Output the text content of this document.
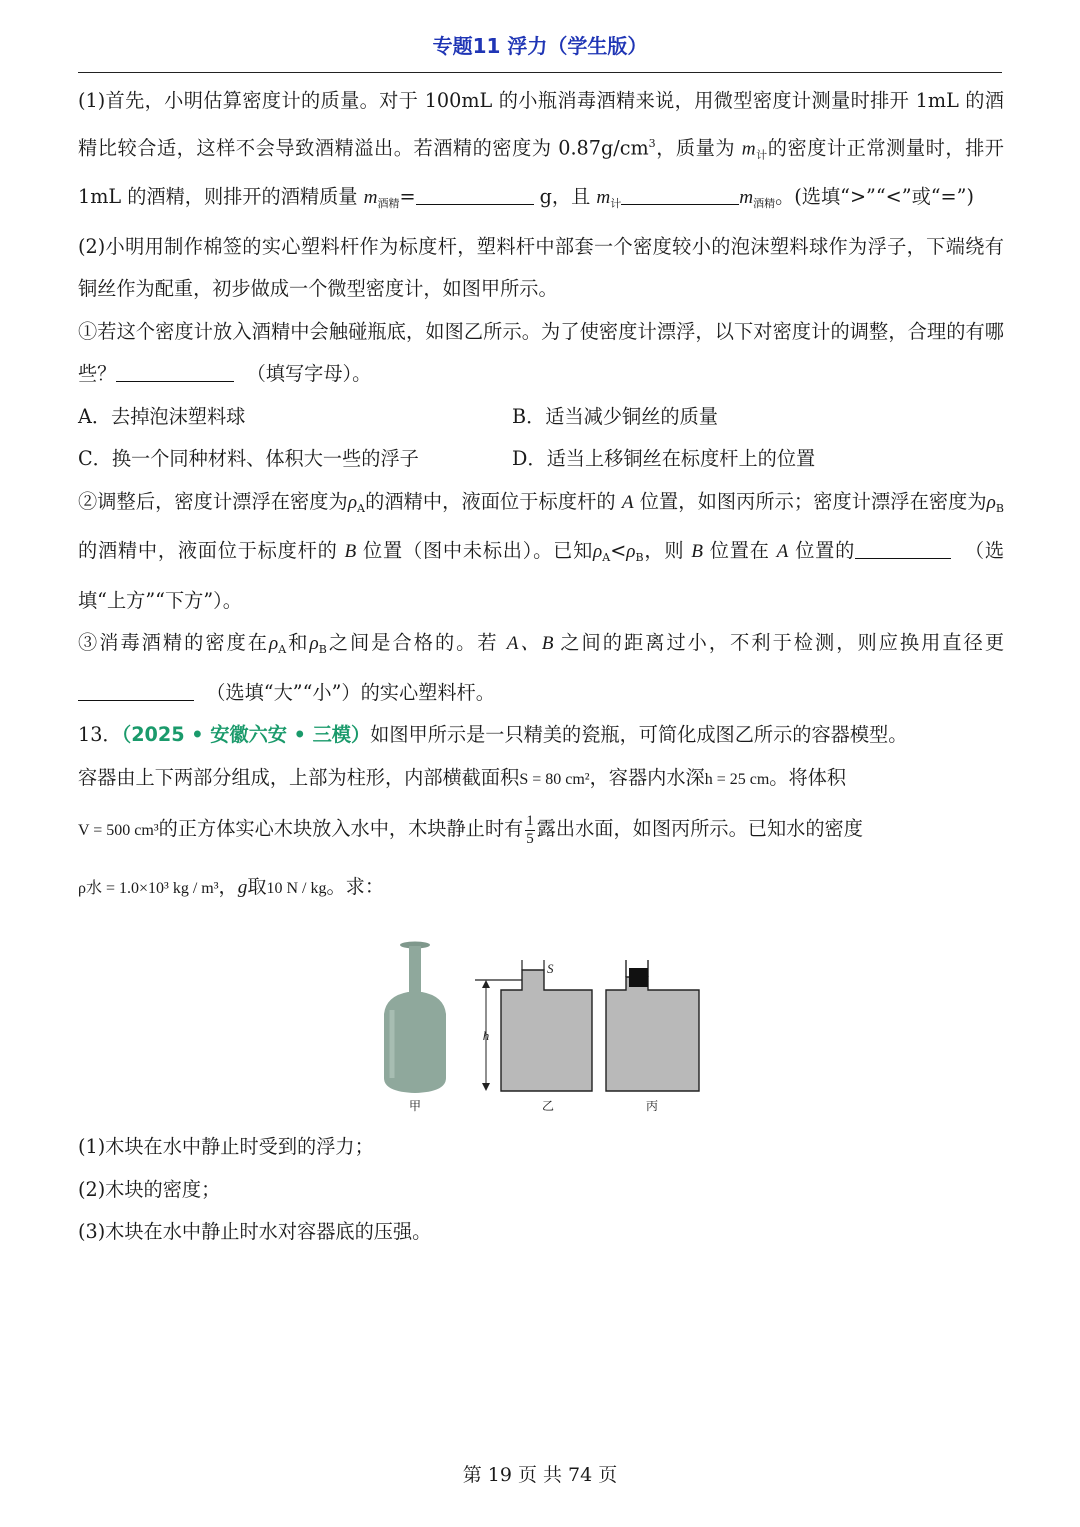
专题11 浮力（学生版）

(1)首先，小明估算密度计的质量。对于 100mL 的小瓶消毒酒精来说，用微型密度计测量时排开 1mL 的酒精比较合适，这样不会导致酒精溢出。若酒精的密度为 $0.87g/cm^3$，质量为 $m_计$的密度计正常测量时，排开 1mL 的酒精，则排开的酒精质量 $m_{酒精}=$	g，且 $m_计$	$m_{酒精}$。(选填“>”“<”或“=”)

(2)小明用制作棉签的实心塑料杆作为标度杆，塑料杆中部套一个密度较小的泡沫塑料球作为浮子，下端绕有铜丝作为配重，初步做成一个微型密度计，如图甲所示。

①若这个密度计放入酒精中会触碰瓶底，如图乙所示。为了使密度计漂浮，以下对密度计的调整，合理的有哪些？	（填写字母）。

A．去掉泡沫塑料球	B．适当减少铜丝的质量
C．换一个同种材料、体积大一些的浮子	D．适当上移铜丝在标度杆上的位置

②调整后，密度计漂浮在密度为$\rho_A$的酒精中，液面位于标度杆的 A 位置，如图丙所示；密度计漂浮在密度为$\rho_B$的酒精中，液面位于标度杆的 B 位置（图中未标出）。已知$\rho_A<\rho_B$，则 B 位置在 A 位置的	（选填“上方”“下方”）。

③消毒酒精的密度在$\rho_A$和$\rho_B$之间是合格的。若 A、B 之间的距离过小，不利于检测，则应换用直径更  （选填“大”“小”）的实心塑料杆。

13．（2025 • 安徽六安 • 三模）如图甲所示是一只精美的瓷瓶，可简化成图乙所示的容器模型。

容器由上下两部分组成，上部为柱形，内部横截面积S = 80 cm²，容器内水深h = 25 cm。将体积

V = 500 cm³的正方体实心木块放入水中，木块静止时有 $\frac{1}{5}$ 露出水面，如图丙所示。已知水的密度

ρ水 = 1.0×10³ kg / m³，g取10 N / kg。求：

甲
S
h
乙	丙
(1)木块在水中静止时受到的浮力；
(2)木块的密度；
(3)木块在水中静止时水对容器底的压强。
第 19 页 共 74 页
